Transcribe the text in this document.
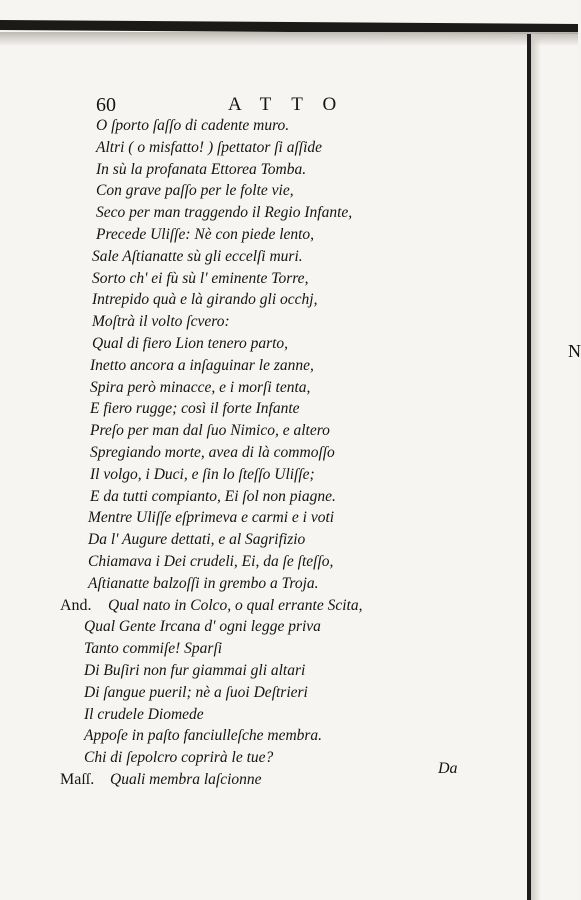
N
60	ATTO
O ſporto ſaſſo di cadente muro.
Altri ( o misfatto! ) ſpettator ſi aſſide
In sù la profanata Ettorea Tomba.
Con grave paſſo per le folte vie,
Seco per man traggendo il Regio Infante,
Precede Uliſſe: Nè con piede lento,
Sale Aſtianatte sù gli eccelſi muri.
Sorto ch' ei fù sù l' eminente Torre,
Intrepido quà e là girando gli occhj,
Moſtrà il volto ſcvero:
Qual di fiero Lion tenero parto,
Inetto ancora a inſaguinar le zanne,
Spira però minacce, e i morſi tenta,
E fiero rugge; così il forte Infante
Preſo per man dal ſuo Nimico, e altero
Spregiando morte, avea di là commoſſo
Il volgo, i Duci, e ſin lo ſteſſo Uliſſe;
E da tutti compianto, Ei ſol non piagne.
Mentre Uliſſe eſprimeva e carmi e i voti
Da l' Augure dettati, e al Sagrifizio
Chiamava i Dei crudeli, Ei, da ſe ſteſſo,
Aſtianatte balzoſſi in grembo a Troja.
And. Qual nato in Colco, o qual errante Scita,
Qual Gente Ircana d' ogni legge priva
Tanto commiſe! Sparſi
Di Buſiri non fur giammai gli altari
Di ſangue pueril; nè a ſuoi Deſtrieri
Il crudele Diomede
Appoſe in paſto fanciulleſche membra.
Chi di ſepolcro coprirà le tue?
Maſſ. Quali membra laſcionne
Da
